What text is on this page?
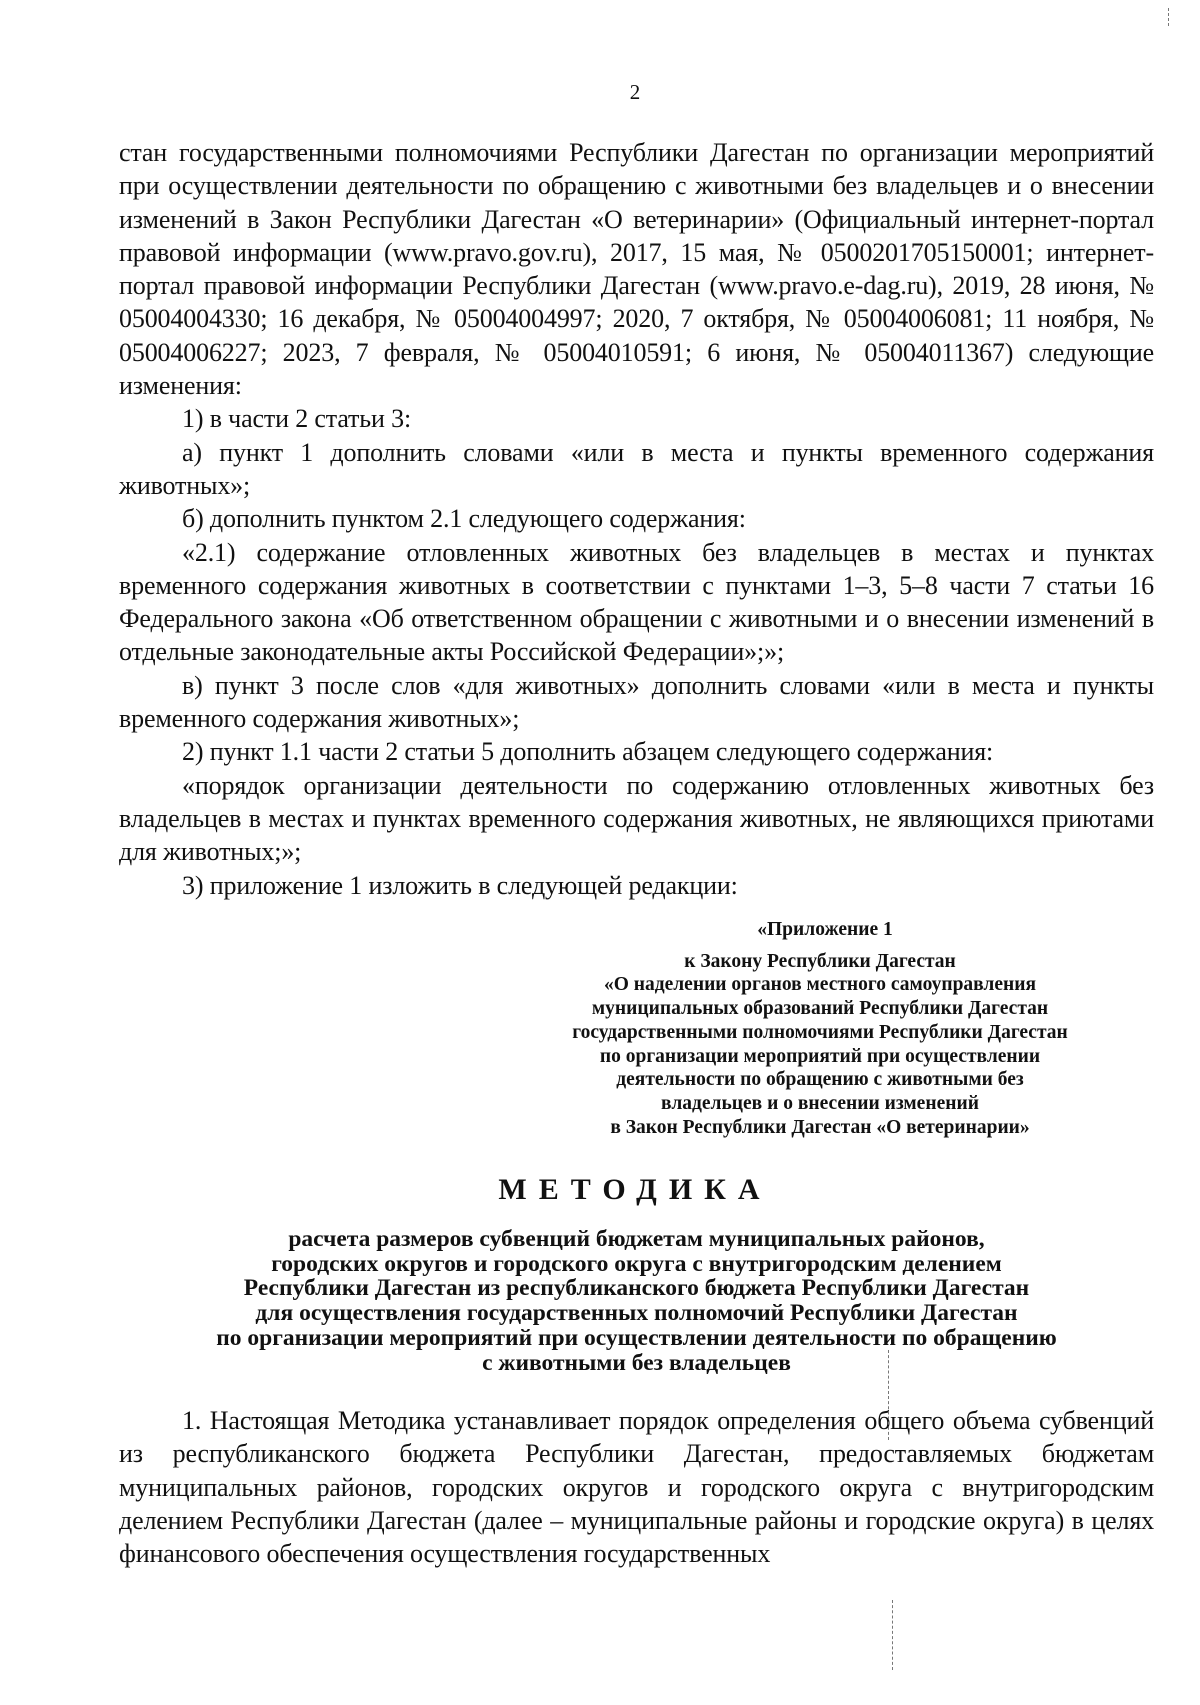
2

стан государственными полномочиями Республики Дагестан по организации мероприятий при осуществлении деятельности по обращению с животными без владельцев и о внесении изменений в Закон Республики Дагестан «О ветеринарии» (Официальный интернет-портал правовой информации (www.pravo.gov.ru), 2017, 15 мая, № 0500201705150001; интернет-портал правовой информации Республики Дагестан (www.pravo.e-dag.ru), 2019, 28 июня, № 05004004330; 16 декабря, № 05004004997; 2020, 7 октября, № 05004006081; 11 ноября, № 05004006227; 2023, 7 февраля, № 05004010591; 6 июня, № 05004011367) следующие изменения:

1) в части 2 статьи 3:

а) пункт 1 дополнить словами «или в места и пункты временного содержания животных»;

б) дополнить пунктом 2.1 следующего содержания:

«2.1) содержание отловленных животных без владельцев в местах и пунктах временного содержания животных в соответствии с пунктами 1–3, 5–8 части 7 статьи 16 Федерального закона «Об ответственном обращении с животными и о внесении изменений в отдельные законодательные акты Российской Федерации»;»;

в) пункт 3 после слов «для животных» дополнить словами «или в места и пункты временного содержания животных»;

2) пункт 1.1 части 2 статьи 5 дополнить абзацем следующего содержания:

«порядок организации деятельности по содержанию отловленных животных без владельцев в местах и пунктах временного содержания животных, не являющихся приютами для животных;»;

3) приложение 1 изложить в следующей редакции:

«Приложение 1
к Закону Республики Дагестан
«О наделении органов местного самоуправления
муниципальных образований Республики Дагестан
государственными полномочиями Республики Дагестан
по организации мероприятий при осуществлении
деятельности по обращению с животными без
владельцев и о внесении изменений
в Закон Республики Дагестан «О ветеринарии»
МЕТОДИКА
расчета размеров субвенций бюджетам муниципальных районов,
городских округов и городского округа с внутригородским делением
Республики Дагестан из республиканского бюджета Республики Дагестан
для осуществления государственных полномочий Республики Дагестан
по организации мероприятий при осуществлении деятельности по обращению
с животными без владельцев

1. Настоящая Методика устанавливает порядок определения общего объема субвенций из республиканского бюджета Республики Дагестан, предоставляемых бюджетам муниципальных районов, городских округов и городского округа с внутригородским делением Республики Дагестан (далее – муниципальные районы и городские округа) в целях финансового обеспечения осуществления государственных
